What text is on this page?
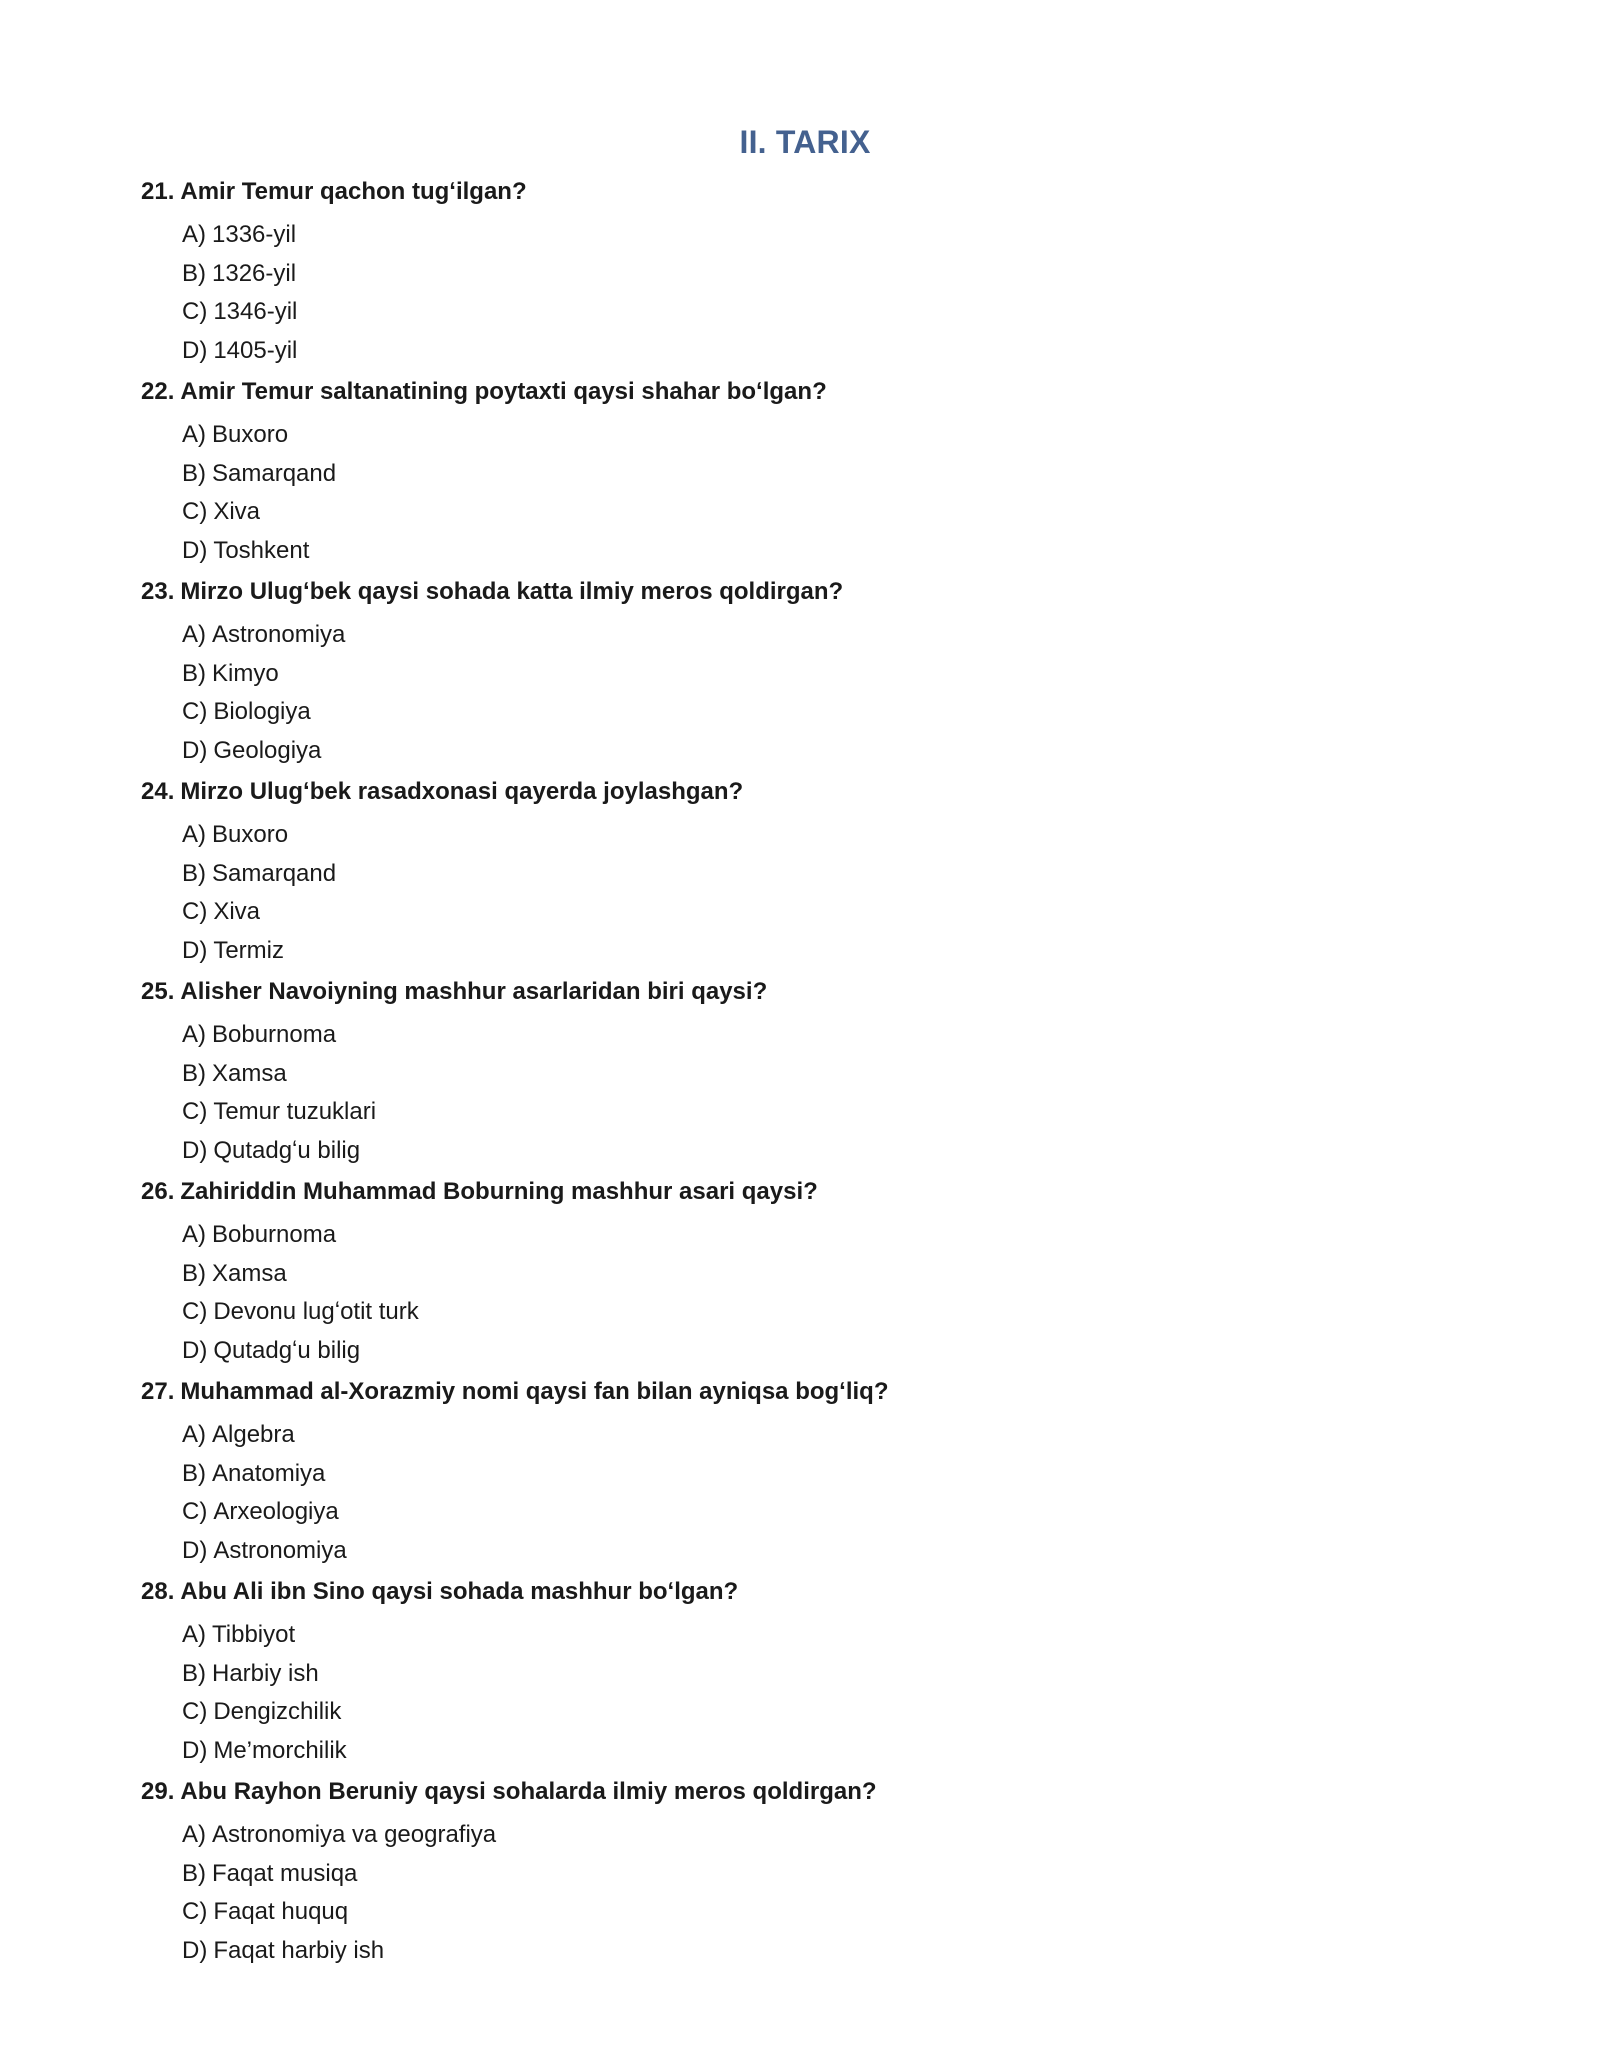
II. TARIX

21. Amir Temur qachon tugʻilgan?

A) 1336-yil
B) 1326-yil
C) 1346-yil
D) 1405-yil

22. Amir Temur saltanatining poytaxti qaysi shahar boʻlgan?

A) Buxoro
B) Samarqand
C) Xiva
D) Toshkent

23. Mirzo Ulugʻbek qaysi sohada katta ilmiy meros qoldirgan?

A) Astronomiya
B) Kimyo
C) Biologiya
D) Geologiya

24. Mirzo Ulugʻbek rasadxonasi qayerda joylashgan?

A) Buxoro
B) Samarqand
C) Xiva
D) Termiz

25. Alisher Navoiyning mashhur asarlaridan biri qaysi?

A) Boburnoma
B) Xamsa
C) Temur tuzuklari
D) Qutadgʻu bilig

26. Zahiriddin Muhammad Boburning mashhur asari qaysi?

A) Boburnoma
B) Xamsa
C) Devonu lugʻotit turk
D) Qutadgʻu bilig

27. Muhammad al-Xorazmiy nomi qaysi fan bilan ayniqsa bogʻliq?

A) Algebra
B) Anatomiya
C) Arxeologiya
D) Astronomiya

28. Abu Ali ibn Sino qaysi sohada mashhur boʻlgan?

A) Tibbiyot
B) Harbiy ish
C) Dengizchilik
D) Me’morchilik

29. Abu Rayhon Beruniy qaysi sohalarda ilmiy meros qoldirgan?

A) Astronomiya va geografiya
B) Faqat musiqa
C) Faqat huquq
D) Faqat harbiy ish
